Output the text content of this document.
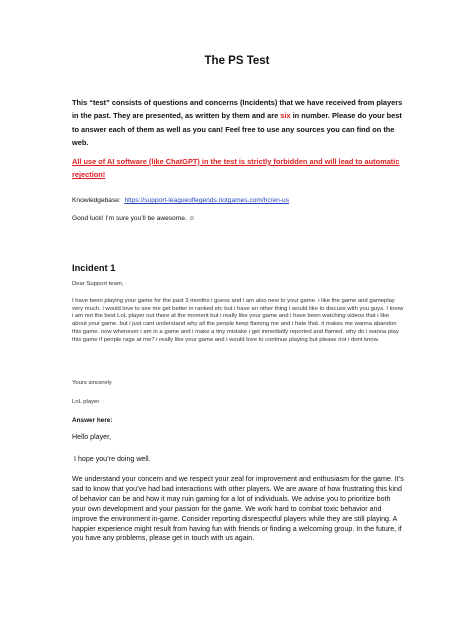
The PS Test

This “test” consists of questions and concerns (Incidents) that we have received from players in the past. They are presented, as written by them and are six in number. Please do your best to answer each of them as well as you can! Feel free to use any sources you can find on the web.

All use of AI software (like ChatGPT) in the test is strictly forbidden and will lead to automatic rejection!

Knowledgebase: https://support-leagueoflegends.riotgames.com/hc/en-us

Good luck! I’m sure you’ll be awesome. ☺

Incident 1

Dear Support team,

I have been playing your game for the past 3 months i guess and i am also new to your game. i like the game and gameplay very much. i would love to see me get better in ranked etc but i have an other thing i would like to discuss with you guys. I know i am not the best LoL player out there at the moment but i really like your game and i have been watching videos that i like about your game. but i just cant understand why all the people keep flaming me and i hate that. it makes me wanna abandon this game. now whenever i am in a game and i make a tiny mistake i get inmediatly reported and flamed. why do i wanna play this game if people rage at me? i really like your game and i would love to continue playing but please riot i dont know.

Yours sincerely

LoL player

Answer here:

Hello player,

I hope you’re doing well.

We understand your concern and we respect your zeal for improvement and enthusiasm for the game. It’s sad to know that you’ve had bad interactions with other players. We are aware of how frustrating this kind of behavior can be and how it may ruin gaming for a lot of individuals. We advise you to prioritize both your own development and your passion for the game. We work hard to combat toxic behavior and improve the environment in-game. Consider reporting disrespectful players while they are still playing. A happier experience might result from having fun with friends or finding a welcoming group. In the future, if you have any problems, please get in touch with us again.
